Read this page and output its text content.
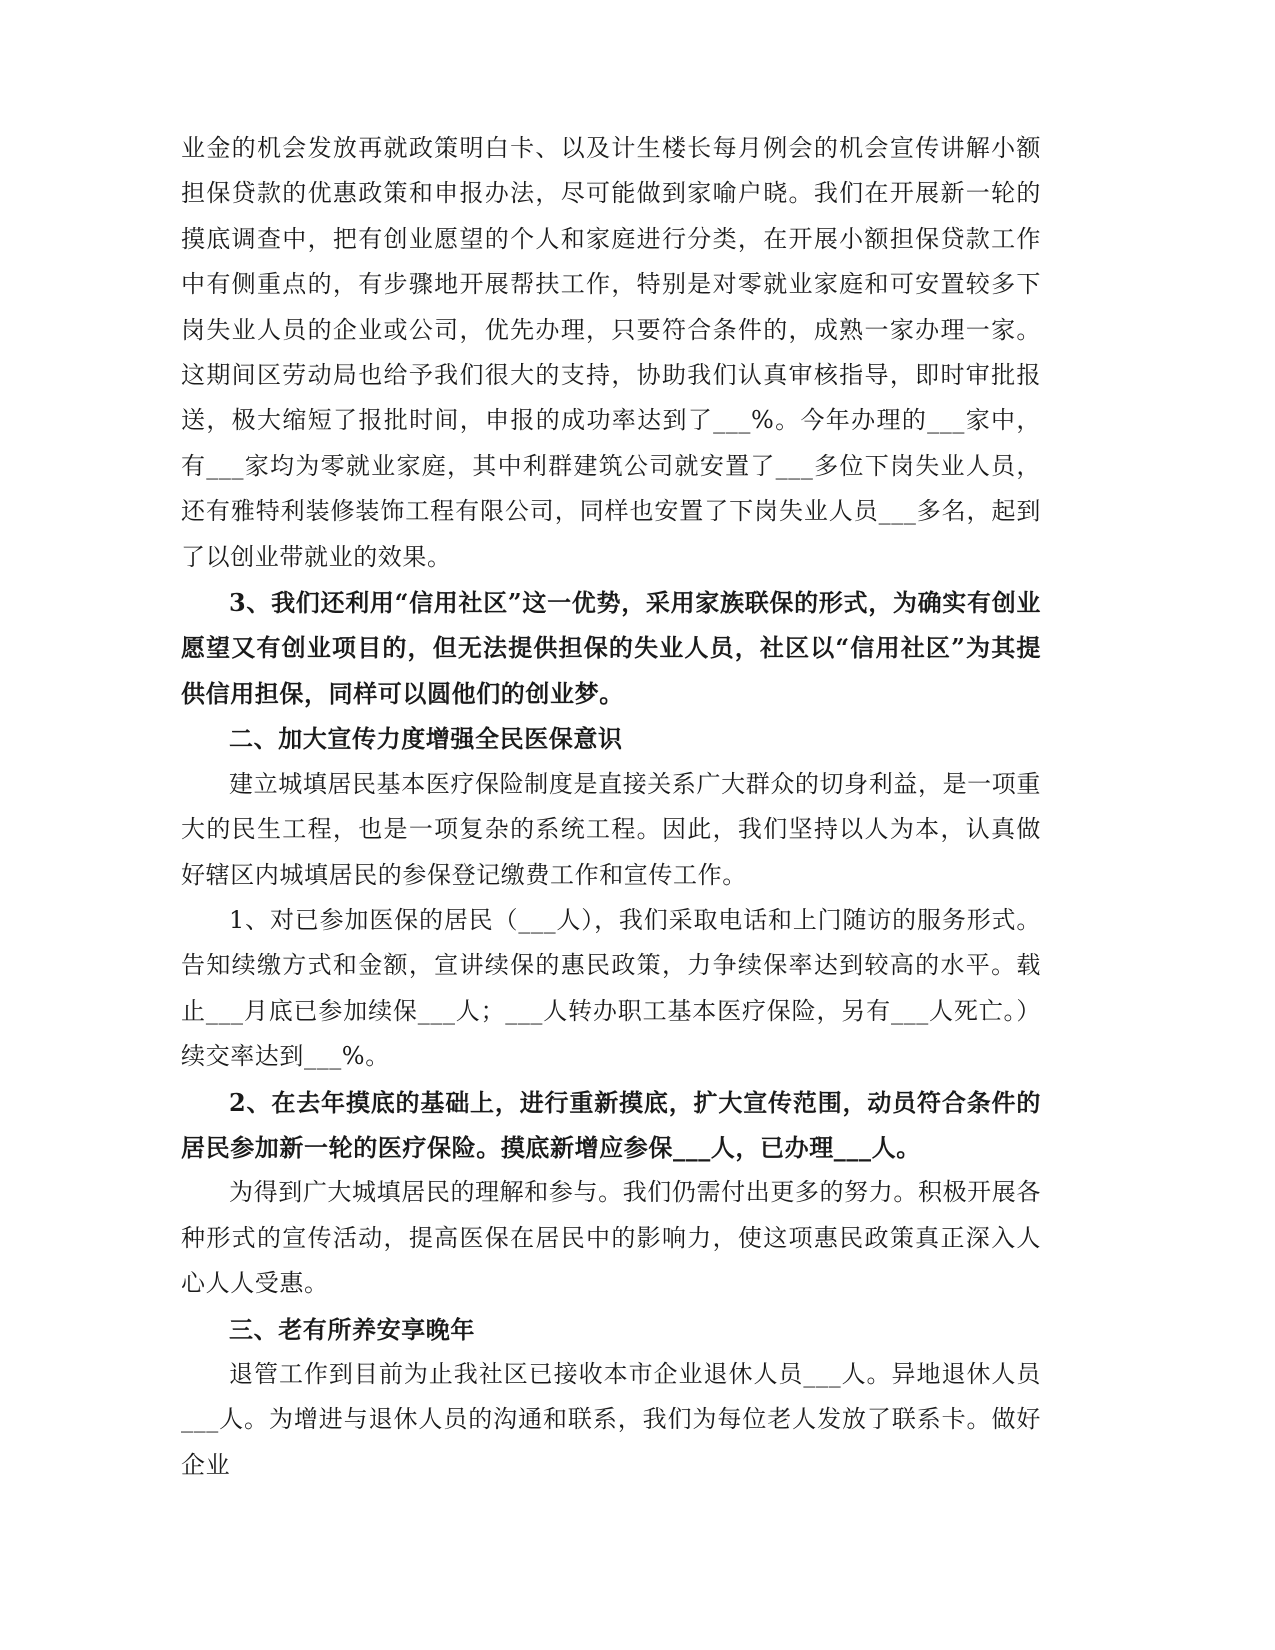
业金的机会发放再就政策明白卡、以及计生楼长每月例会的机会宣传讲解小额担保贷款的优惠政策和申报办法，尽可能做到家喻户晓。我们在开展新一轮的摸底调查中，把有创业愿望的个人和家庭进行分类，在开展小额担保贷款工作中有侧重点的，有步骤地开展帮扶工作，特别是对零就业家庭和可安置较多下岗失业人员的企业或公司，优先办理，只要符合条件的，成熟一家办理一家。这期间区劳动局也给予我们很大的支持，协助我们认真审核指导，即时审批报送，极大缩短了报批时间，申报的成功率达到了___%。今年办理的___家中，有___家均为零就业家庭，其中利群建筑公司就安置了___多位下岗失业人员，还有雅特利装修装饰工程有限公司，同样也安置了下岗失业人员___多名，起到了以创业带就业的效果。

3、我们还利用“信用社区”这一优势，采用家族联保的形式，为确实有创业愿望又有创业项目的，但无法提供担保的失业人员，社区以“信用社区”为其提供信用担保，同样可以圆他们的创业梦。

二、加大宣传力度增强全民医保意识

建立城填居民基本医疗保险制度是直接关系广大群众的切身利益，是一项重大的民生工程，也是一项复杂的系统工程。因此，我们坚持以人为本，认真做好辖区内城填居民的参保登记缴费工作和宣传工作。

1、对已参加医保的居民（___人），我们采取电话和上门随访的服务形式。告知续缴方式和金额，宣讲续保的惠民政策，力争续保率达到较高的水平。载止___月底已参加续保___人；___人转办职工基本医疗保险，另有___人死亡。）续交率达到___%。

2、在去年摸底的基础上，进行重新摸底，扩大宣传范围，动员符合条件的居民参加新一轮的医疗保险。摸底新增应参保___人，已办理___人。

为得到广大城填居民的理解和参与。我们仍需付出更多的努力。积极开展各种形式的宣传活动，提高医保在居民中的影响力，使这项惠民政策真正深入人心人人受惠。

三、老有所养安享晚年

退管工作到目前为止我社区已接收本市企业退休人员___人。异地退休人员___人。为增进与退休人员的沟通和联系，我们为每位老人发放了联系卡。做好企业
